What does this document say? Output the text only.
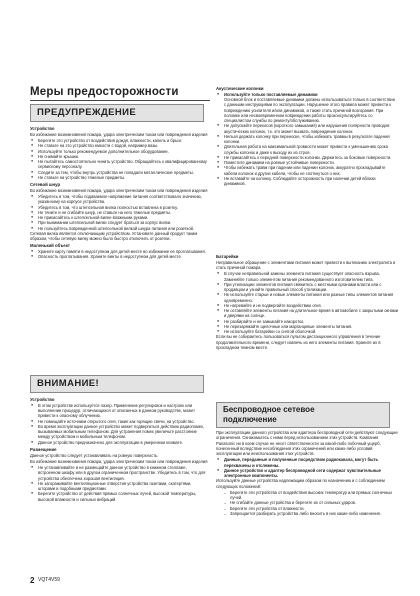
Меры предосторожности
ПРЕДУПРЕЖДЕНИЕ
Устройство

Во избежание возникновения пожара, удара электрическим током или повреждения изделия

● Берегите это устройство от воздействия дождя, влажности, капель и брызг.
● Не ставьте на это устройство емкости с водой, например вазы.
● Используйте только рекомендуемое дополнительное оборудование.
● Не снимайте крышки.
● Не пытайтесь самостоятельно чинить устройство. Обращайтесь к квалифицированному сервисному персоналу.
● Следите за тем, чтобы внутрь устройства не попадали металлические предметы.
● Не ставьте на устройство тяжелые предметы.
Сетевой шнур

Во избежание возникновения пожара, удара электрическим током или повреждения изделия

● Убедитесь в том, чтобы подаваемое напряжение питания соответствовало значению, указанному на корпусе устройства.
● Убедитесь в том, что штепсельная вилка полностью вставлена в розетку.
● Не тяните и не сгибайте шнур, не ставьте на него тяжелые предметы.
● Не прикасайтесь к штепсельной вилке влажными руками.
● При вынимании штепсельной вилки следует браться за корпус вилки.
● Не пользуйтесь поврежденной штепсельной вилкой шнура питания или розеткой.

Сетевая вилка является отключающим устройством. Установите данный продукт таким образом, чтобы сетевую вилку можно было быстро отключить от розетки.

Маленький объект
● Храните карту памяти в недоступном для детей месте во избежание ее проглатывания.
● Опасность проглатывания. Храните винты в недоступном для детей месте.
ВНИМАНИЕ!
Устройство
● В этом устройстве используется лазер. Применение регулировок и настроек или выполнение процедур, отличающихся от описанных в данном руководстве, может привести к опасному облучению.
● Не помещайте источники открытого огня, такие как горящие свечи, на устройство.
● Во время эксплуатации данное устройство может подвергаться действию радиопомех, вызываемых мобильным телефоном. Для устранения помех увеличьте расстояние между устройством и мобильным телефоном.
● Данное устройство предназначено для эксплуатации в умеренном климате.
Размещение

Данное устройство следует устанавливать на ровную поверхность.

Во избежание возникновения пожара, удара электрическим током или повреждения изделия

● Не устанавливайте и не размещайте данное устройство в книжном стеллаже, встроенном шкафу или в другом ограниченном пространстве. Убедитесь в том, что для устройства обеспечена хорошая вентиляция.
● Не загораживайте вентиляционные отверстия устройства газетами, скатертями, шторами и подобными предметами.
● Берегите устройство от действия прямых солнечных лучей, высокой температуры, высокой влажности и сильных вибраций.
Акустические колонки
● Используйте только поставляемые динамики
Основной блок и поставляемые динамики должны использоваться только в соответствии с данными инструкциями по эксплуатации. Нарушение этого правила может привести к повреждению усилителя и/или динамиков, а также стать причиной возгорания. При поломке или несвоевременном повреждении работы проконсультируйтесь со специалистом службы по ремонту/обслуживанию.
● Не допускайте перекосов (короткого замыкания) или нарушения полярности проводов акустических колонок, т.к. это может вызвать повреждение колонок.
● Нельзя держать колонку при переноске, чтобы избежать травмы в результате падения колонки.
● Длительная работа на максимальной громкости может привести к уменьшению срока службы колонок и даже к выходу их из строя.
● Не прикасайтесь к передней поверхности колонки. Держитесь за боковые поверхности.
● Поместите динамики на ровные устойчивые поверхности.
● Чтобы избежать травм при падении или падении колонок, аккуратно прокладывайте кабели колонок и другие кабели, чтобы не споткнуться о них.
● Не вставайте на колонку. Соблюдайте осторожность при наличии детей вблизи динамиков.
Батарейки

Неправильное обращение с элементами питания может привести к вытеканию электролита и стать причиной пожара.

● В случае неправильной замены элемента питания существует опасность взрыва. Заменяйте только элементом питания рекомендованного изготовителем типа.
● При утилизации элементов питания свяжитесь с местными органами власти или с продавцом и узнайте правильный способ утилизации.
● Не используйте старые и новые элементы питания или разные типы элементов питания одновременно.
● Не нагревайте и не подвергайте воздействию огня.
● Не оставляйте элементы питания на длительное время в автомобиле с закрытыми окнами и дверями на солнце.
● Не разбирайте и не замыкайте накоротко.
● Не перезаряжайте щелочные или марганцевые элементы питания.
● Не используйте батарейки со снятой оболочкой.

Если вы не собираетесь пользоваться пультом дистанционного управления в течение продолжительного времени, следует извлечь из него элементы питания. Храните их в прохладном темном месте.

Беспроводное сетевое
подключение

При эксплуатации данного устройства или адаптера беспроводной сети действуют следующие ограничения. Ознакомьтесь с ними перед использованием этих устройств. Компания Panasonic ни в коем случае не несет ответственности за какой-либо побочный ущерб, понесенный вследствие несоблюдения этих ограничений или каких-либо условий эксплуатации или неиспользования этих устройств.

● Данные, переданные и полученные посредством радиоканала, могут быть перехвачены и отслежены.
● Данное устройство и адаптер беспроводной сети содержат чувствительные электронные компоненты.

Используйте данные устройства надлежащим образом по назначению и с соблюдением следующих положений:

– Берегите эти устройства от воздействия высоких температур или прямых солнечных лучей.
– Не сгибайте данные устройства и берегите их от сильных ударов.
– Берегите эти устройства от влажности.
– Запрещается разбирать устройства либо вносить в них какие-либо изменения.
2 VQT4V59
